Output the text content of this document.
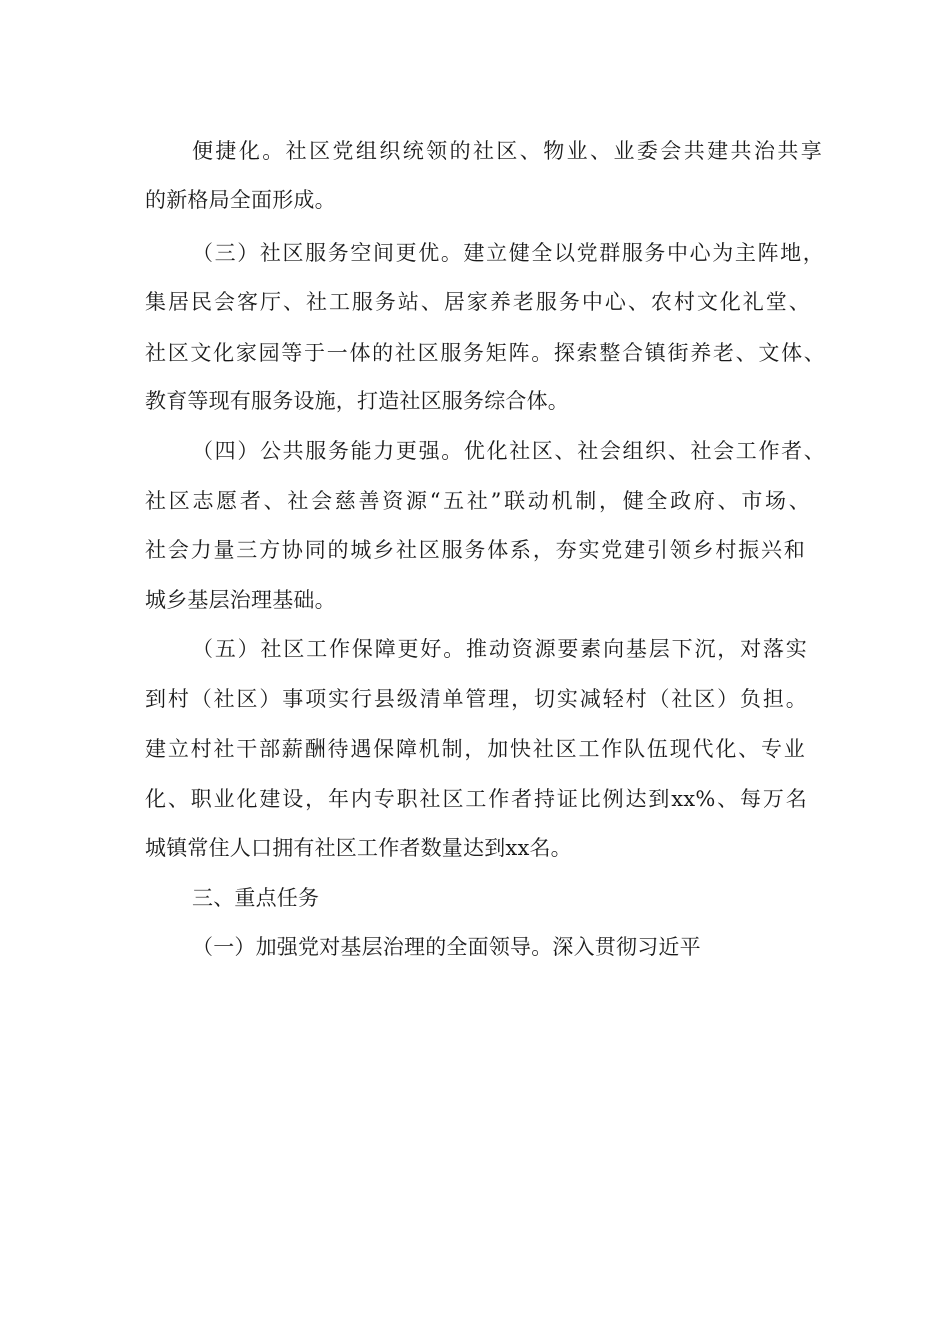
便捷化。社区党组织统领的社区、物业、业委会共建共治共享
的新格局全面形成。
（三）社区服务空间更优。建立健全以党群服务中心为主阵地，
集居民会客厅、社工服务站、居家养老服务中心、农村文化礼堂、
社区文化家园等于一体的社区服务矩阵。探索整合镇街养老、文体、
教育等现有服务设施，打造社区服务综合体。
（四）公共服务能力更强。优化社区、社会组织、社会工作者、
社区志愿者、社会慈善资源“五社”联动机制，健全政府、市场、
社会力量三方协同的城乡社区服务体系，夯实党建引领乡村振兴和
城乡基层治理基础。
（五）社区工作保障更好。推动资源要素向基层下沉，对落实
到村（社区）事项实行县级清单管理，切实减轻村（社区）负担。
建立村社干部薪酬待遇保障机制，加快社区工作队伍现代化、专业
化、职业化建设，年内专职社区工作者持证比例达到xx%、每万名
城镇常住人口拥有社区工作者数量达到xx名。
三、重点任务
（一）加强党对基层治理的全面领导。深入贯彻习近平
